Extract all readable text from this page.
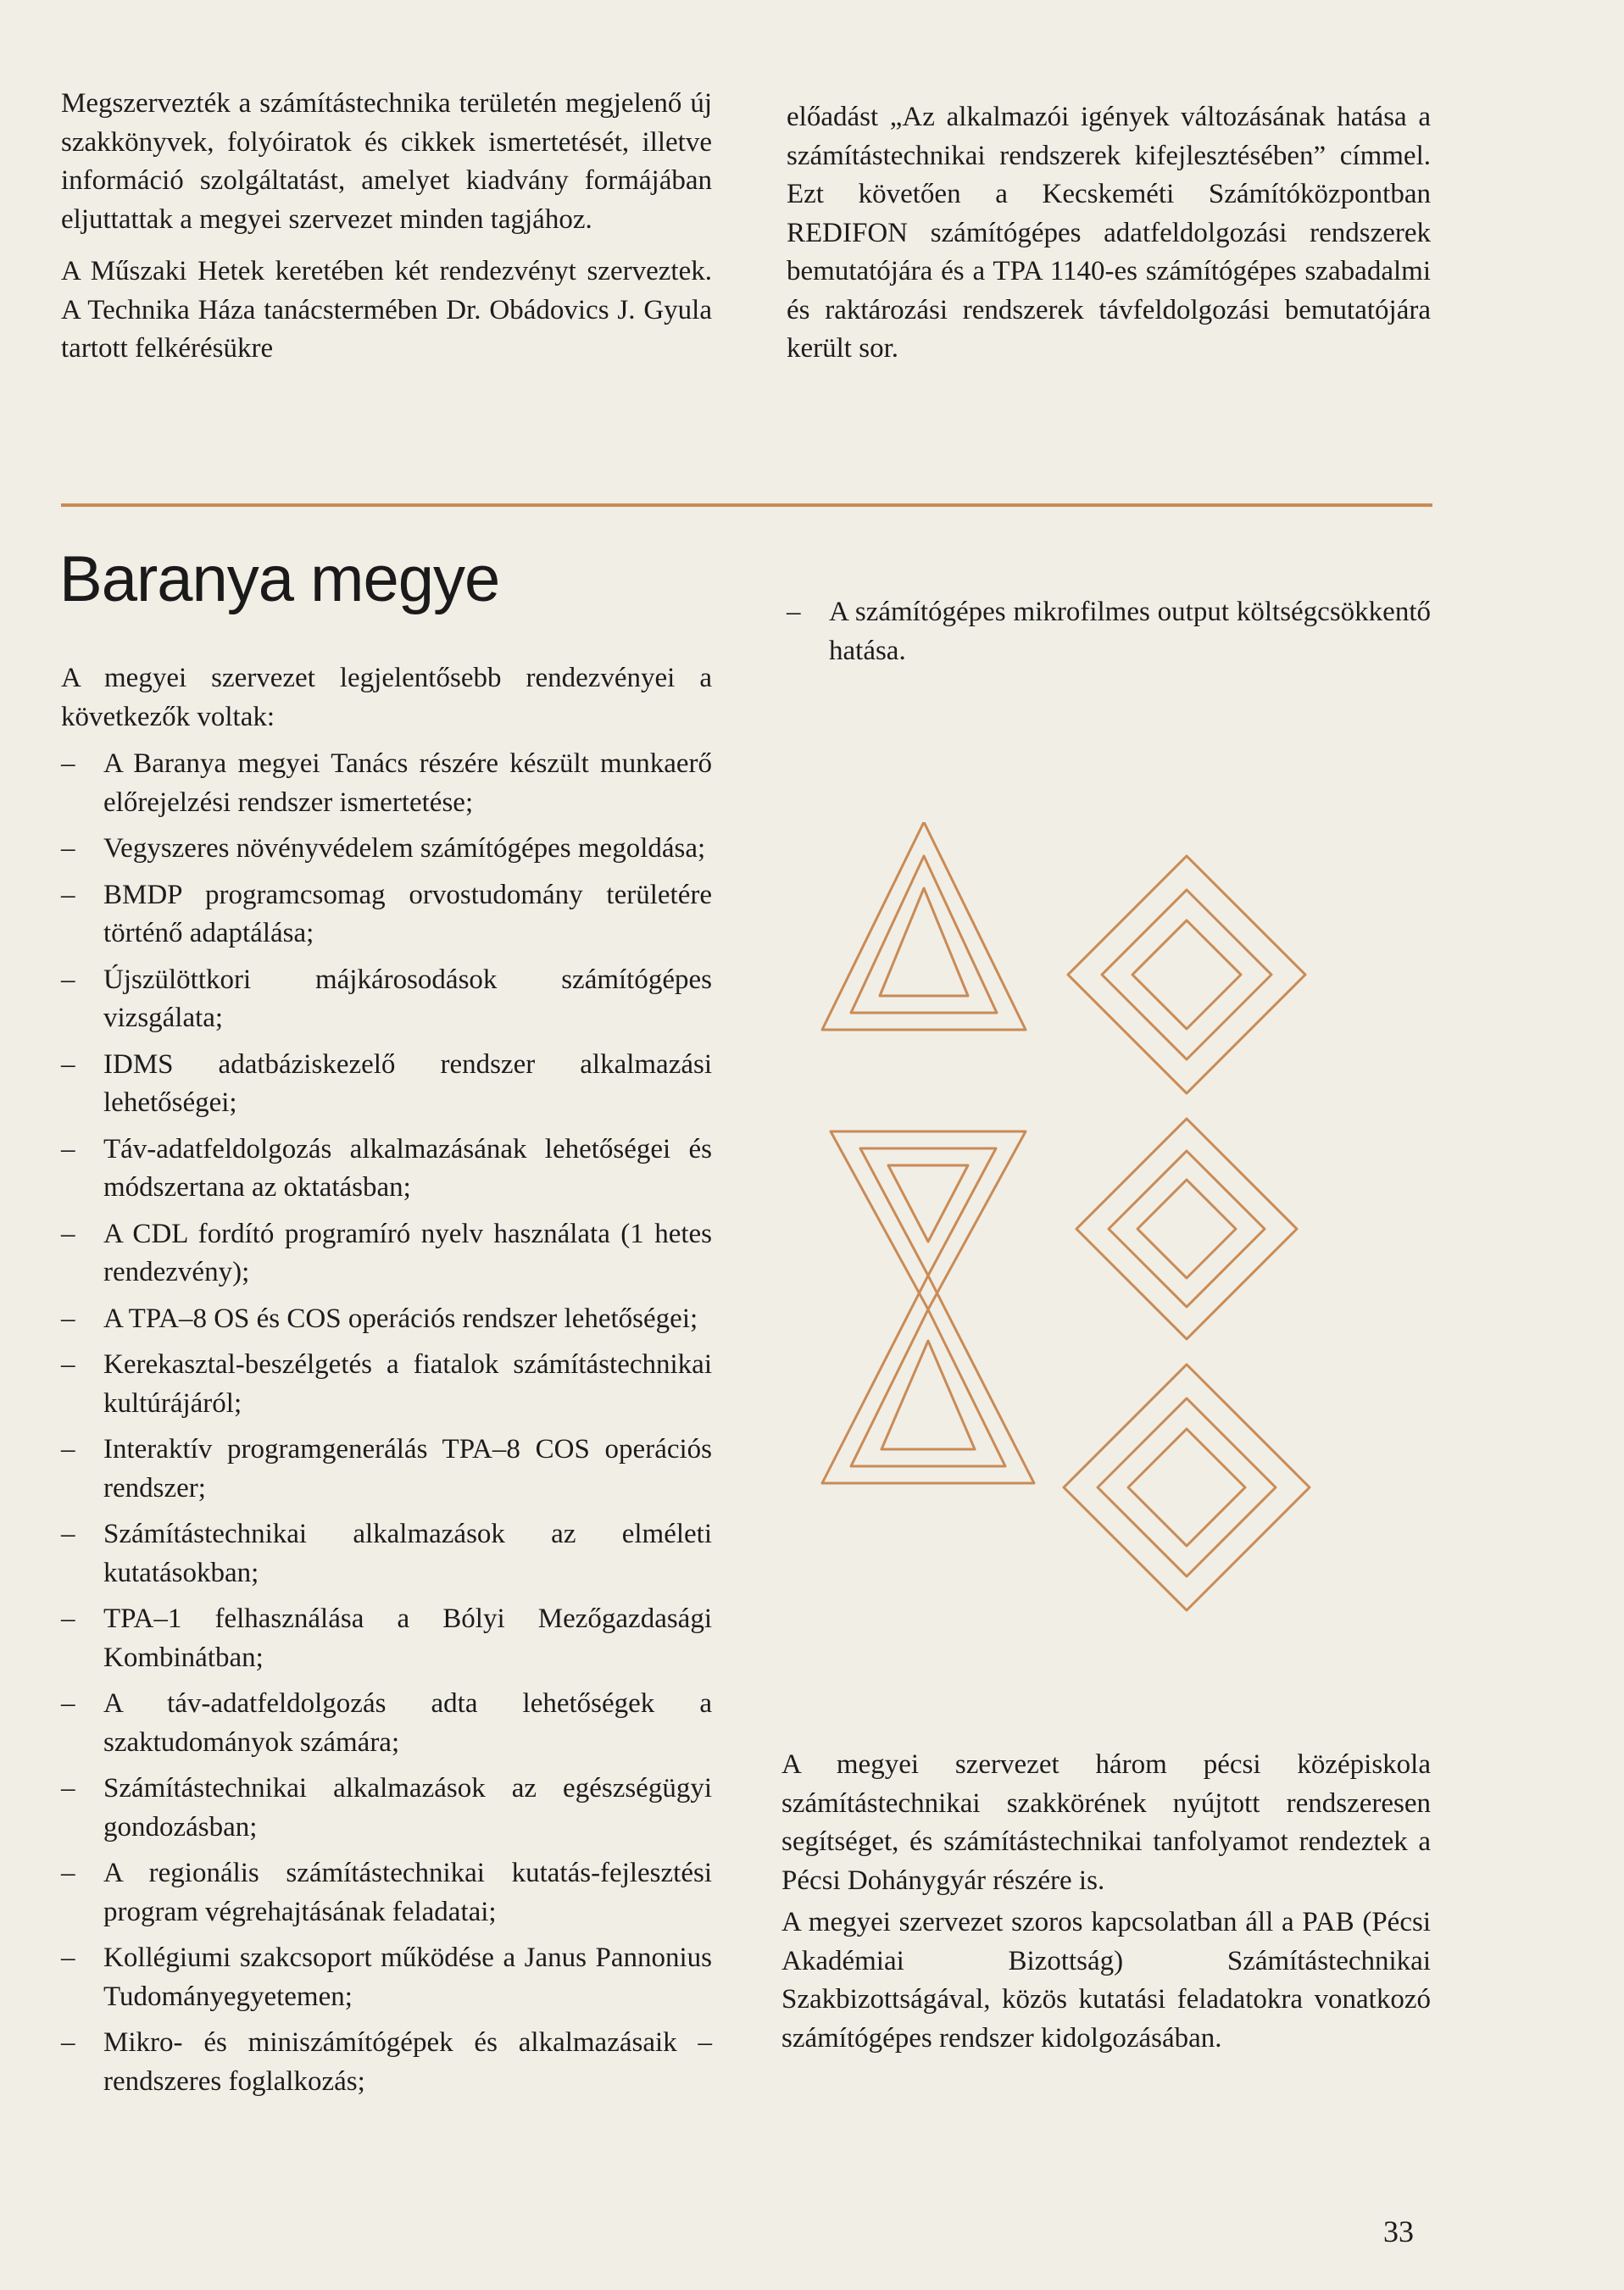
Megszervezték a számítástechnika területén megjelenő új szakkönyvek, folyóiratok és cikkek ismertetését, illetve információ szolgáltatást, amelyet kiadvány formájában eljuttattak a megyei szervezet minden tagjához.

A Műszaki Hetek keretében két rendezvényt szerveztek. A Technika Háza tanácstermében Dr. Obádovics J. Gyula tartott felkérésükre

előadást „Az alkalmazói igények változásának hatása a számítástechnikai rendszerek kifejlesztésében” címmel. Ezt követően a Kecskeméti Számítóközpontban REDIFON számítógépes adatfeldolgozási rendszerek bemutatójára és a TPA 1140-es számítógépes szabadalmi és raktározási rendszerek távfeldolgozási bemutatójára került sor.

Baranya megye

A megyei szervezet legjelentősebb rendezvényei a következők voltak:

– A Baranya megyei Tanács részére készült munkaerő előrejelzési rendszer ismertetése;
– Vegyszeres növényvédelem számítógépes megoldása;
– BMDP programcsomag orvostudomány területére történő adaptálása;
– Újszülöttkori májkárosodások számítógépes vizsgálata;
– IDMS adatbáziskezelő rendszer alkalmazási lehetőségei;
– Táv-adatfeldolgozás alkalmazásának lehetőségei és módszertana az oktatásban;
– A CDL fordító programíró nyelv használata (1 hetes rendezvény);
– A TPA–8 OS és COS operációs rendszer lehetőségei;
– Kerekasztal-beszélgetés a fiatalok számítástechnikai kultúrájáról;
– Interaktív programgenerálás TPA–8 COS operációs rendszer;
– Számítástechnikai alkalmazások az elméleti kutatásokban;
– TPA–1 felhasználása a Bólyi Mezőgazdasági Kombinátban;
– A táv-adatfeldolgozás adta lehetőségek a szaktudományok számára;
– Számítástechnikai alkalmazások az egészségügyi gondozásban;
– A regionális számítástechnikai kutatás-fejlesztési program végrehajtásának feladatai;
– Kollégiumi szakcsoport működése a Janus Pannonius Tudományegyetemen;
– Mikro- és miniszámítógépek és alkalmazásaik – rendszeres foglalkozás;
– A számítógépes mikrofilmes output költségcsökkentő hatása.

A megyei szervezet három pécsi középiskola számítástechnikai szakkörének nyújtott rendszeresen segítséget, és számítástechnikai tanfolyamot rendeztek a Pécsi Dohánygyár részére is.

A megyei szervezet szoros kapcsolatban áll a PAB (Pécsi Akadémiai Bizottság) Számítástechnikai Szakbizottságával, közös kutatási feladatokra vonatkozó számítógépes rendszer kidolgozásában.

33
